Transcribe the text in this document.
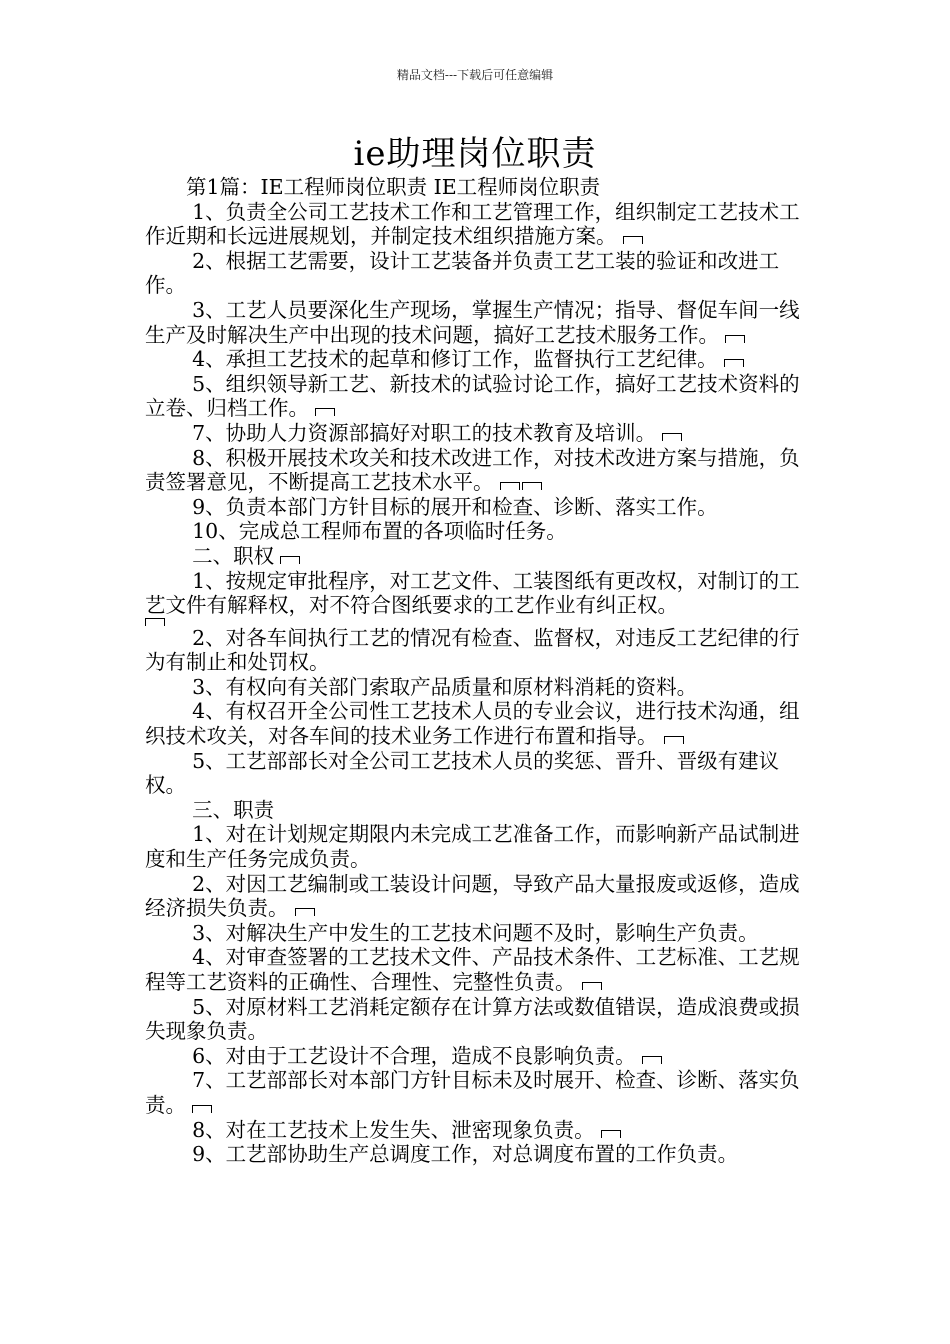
精品文档---下载后可任意编辑
ie助理岗位职责

第1篇：IE工程师岗位职责 IE工程师岗位职责

1、负责全公司工艺技术工作和工艺管理工作，组织制定工艺技术工作近期和长远进展规划，并制定技术组织措施方案。

2、根据工艺需要，设计工艺装备并负责工艺工装的验证和改进工作。

3、工艺人员要深化生产现场，掌握生产情况；指导、督促车间一线生产及时解决生产中出现的技术问题，搞好工艺技术服务工作。

4、承担工艺技术的起草和修订工作，监督执行工艺纪律。

5、组织领导新工艺、新技术的试验讨论工作，搞好工艺技术资料的立卷、归档工作。

7、协助人力资源部搞好对职工的技术教育及培训。

8、积极开展技术攻关和技术改进工作，对技术改进方案与措施，负责签署意见，不断提高工艺技术水平。

9、负责本部门方针目标的展开和检查、诊断、落实工作。

10、完成总工程师布置的各项临时任务。

二、职权

1、按规定审批程序，对工艺文件、工装图纸有更改权，对制订的工艺文件有解释权，对不符合图纸要求的工艺作业有纠正权。

2、对各车间执行工艺的情况有检查、监督权，对违反工艺纪律的行为有制止和处罚权。

3、有权向有关部门索取产品质量和原材料消耗的资料。

4、有权召开全公司性工艺技术人员的专业会议，进行技术沟通，组织技术攻关，对各车间的技术业务工作进行布置和指导。

5、工艺部部长对全公司工艺技术人员的奖惩、晋升、晋级有建议权。

三、职责

1、对在计划规定期限内未完成工艺准备工作，而影响新产品试制进度和生产任务完成负责。

2、对因工艺编制或工装设计问题，导致产品大量报废或返修，造成经济损失负责。

3、对解决生产中发生的工艺技术问题不及时，影响生产负责。

4、对审查签署的工艺技术文件、产品技术条件、工艺标准、工艺规程等工艺资料的正确性、合理性、完整性负责。

5、对原材料工艺消耗定额存在计算方法或数值错误，造成浪费或损失现象负责。

6、对由于工艺设计不合理，造成不良影响负责。

7、工艺部部长对本部门方针目标未及时展开、检查、诊断、落实负责。

8、对在工艺技术上发生失、泄密现象负责。

9、工艺部协助生产总调度工作，对总调度布置的工作负责。
